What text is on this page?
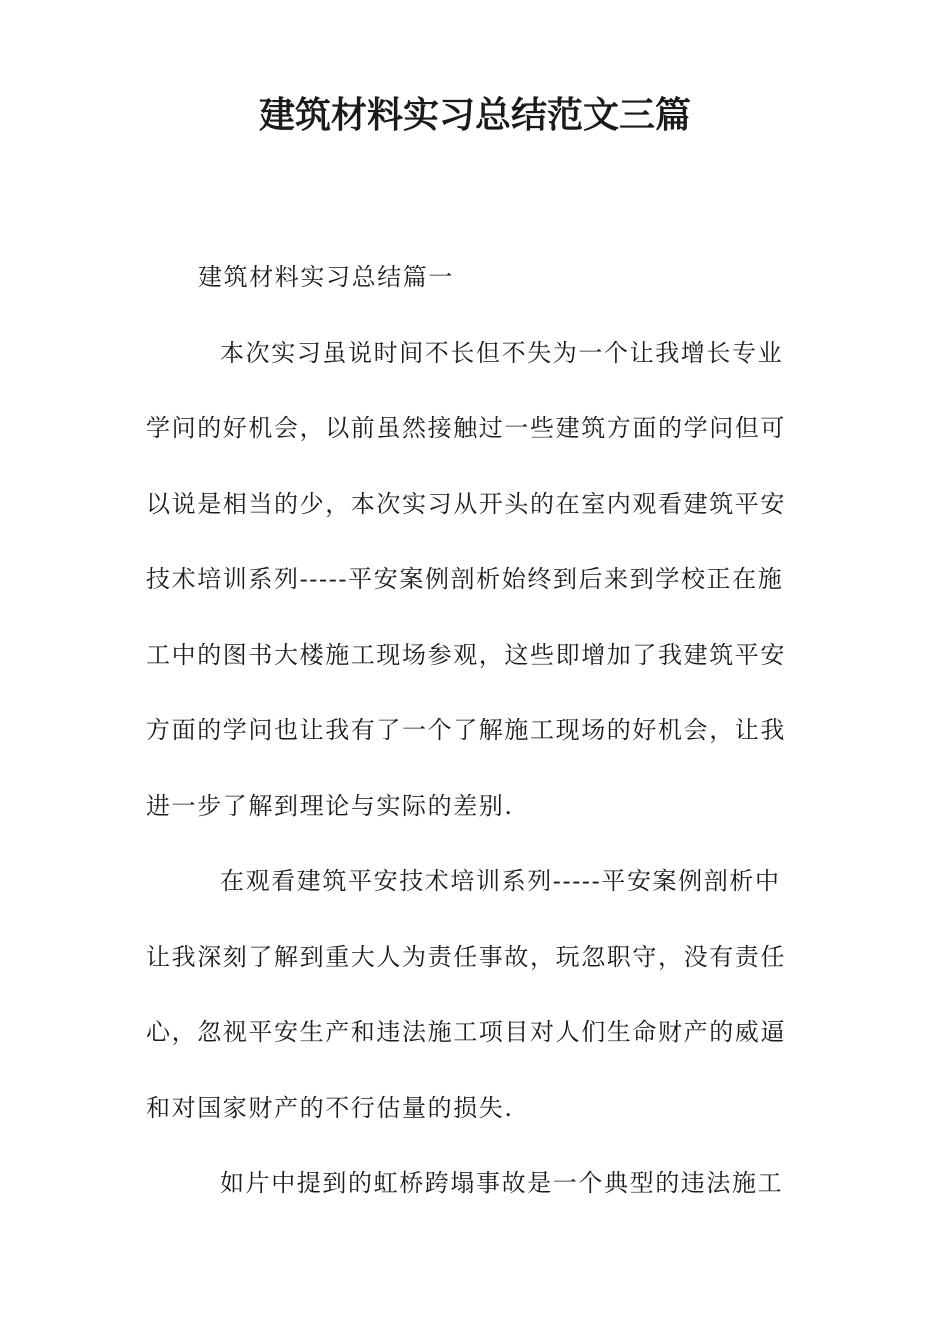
建筑材料实习总结范文三篇
建筑材料实习总结篇一
本次实习虽说时间不长但不失为一个让我增长专业
学问的好机会，以前虽然接触过一些建筑方面的学问但可
以说是相当的少，本次实习从开头的在室内观看建筑平安
技术培训系列-----平安案例剖析始终到后来到学校正在施
工中的图书大楼施工现场参观，这些即增加了我建筑平安
方面的学问也让我有了一个了解施工现场的好机会，让我
进一步了解到理论与实际的差别.
在观看建筑平安技术培训系列-----平安案例剖析中
让我深刻了解到重大人为责任事故，玩忽职守，没有责任
心，忽视平安生产和违法施工项目对人们生命财产的威逼
和对国家财产的不行估量的损失.
如片中提到的虹桥跨塌事故是一个典型的违法施工
